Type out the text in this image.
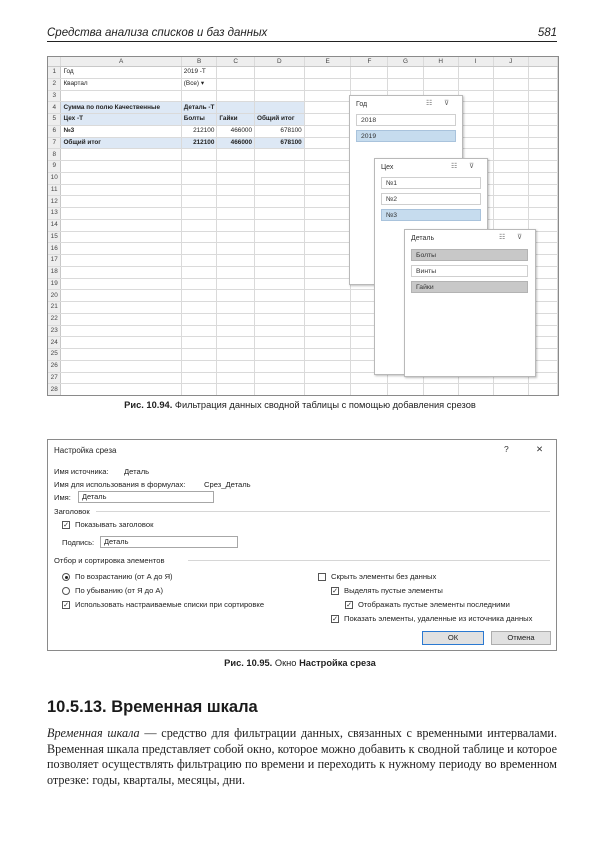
Средства анализа списков и баз данных	581
	A	B	C	D	E	F	G	H	I	J	
1	Год	2019 -T									
2	Квартал	(Все) ▾									
3											
4	Сумма по полю Качественные	Деталь -T									
5	Цех -T	Болты	Гайки	Общий итог							
6	№3	212100	466000	678100							
7	Общий итог	212100	466000	678100							
8											
9											
10											
11											
12											
13											
14											
15											
16											
17											
18											
19											
20											
21											
22											
23											
24											
25											
26											
27											
28											
Год	☷ ⊽
2018
2019
Цех	☷ ⊽
№1
№2
№3
Деталь	☷ ⊽
Болты
Винты
Гайки
Рис. 10.94. Фильтрация данных сводной таблицы с помощью добавления срезов
Настройка среза	?	✕
Имя источника: Деталь
Имя для использования в формулах: Срез_Деталь
Имя:	Деталь
Заголовок
✓ Показывать заголовок
Подпись:	Деталь
Отбор и сортировка элементов
По возрастанию (от А до Я)
По убыванию (от Я до А)
✓ Использовать настраиваемые списки при сортировке
Скрыть элементы без данных
✓ Выделять пустые элементы
✓ Отображать пустые элементы последними
✓ Показать элементы, удаленные из источника данных
ОК	Отмена
Рис. 10.95. Окно Настройка среза
10.5.13. Временная шкала
Временная шкала — средство для фильтрации данных, связанных с временными интервалами. Временная шкала представляет собой окно, которое можно добавить к сводной таблице и которое позволяет осуществлять фильтрацию по времени и переходить к нужному периоду во временном отрезке: годы, кварталы, месяцы, дни.
